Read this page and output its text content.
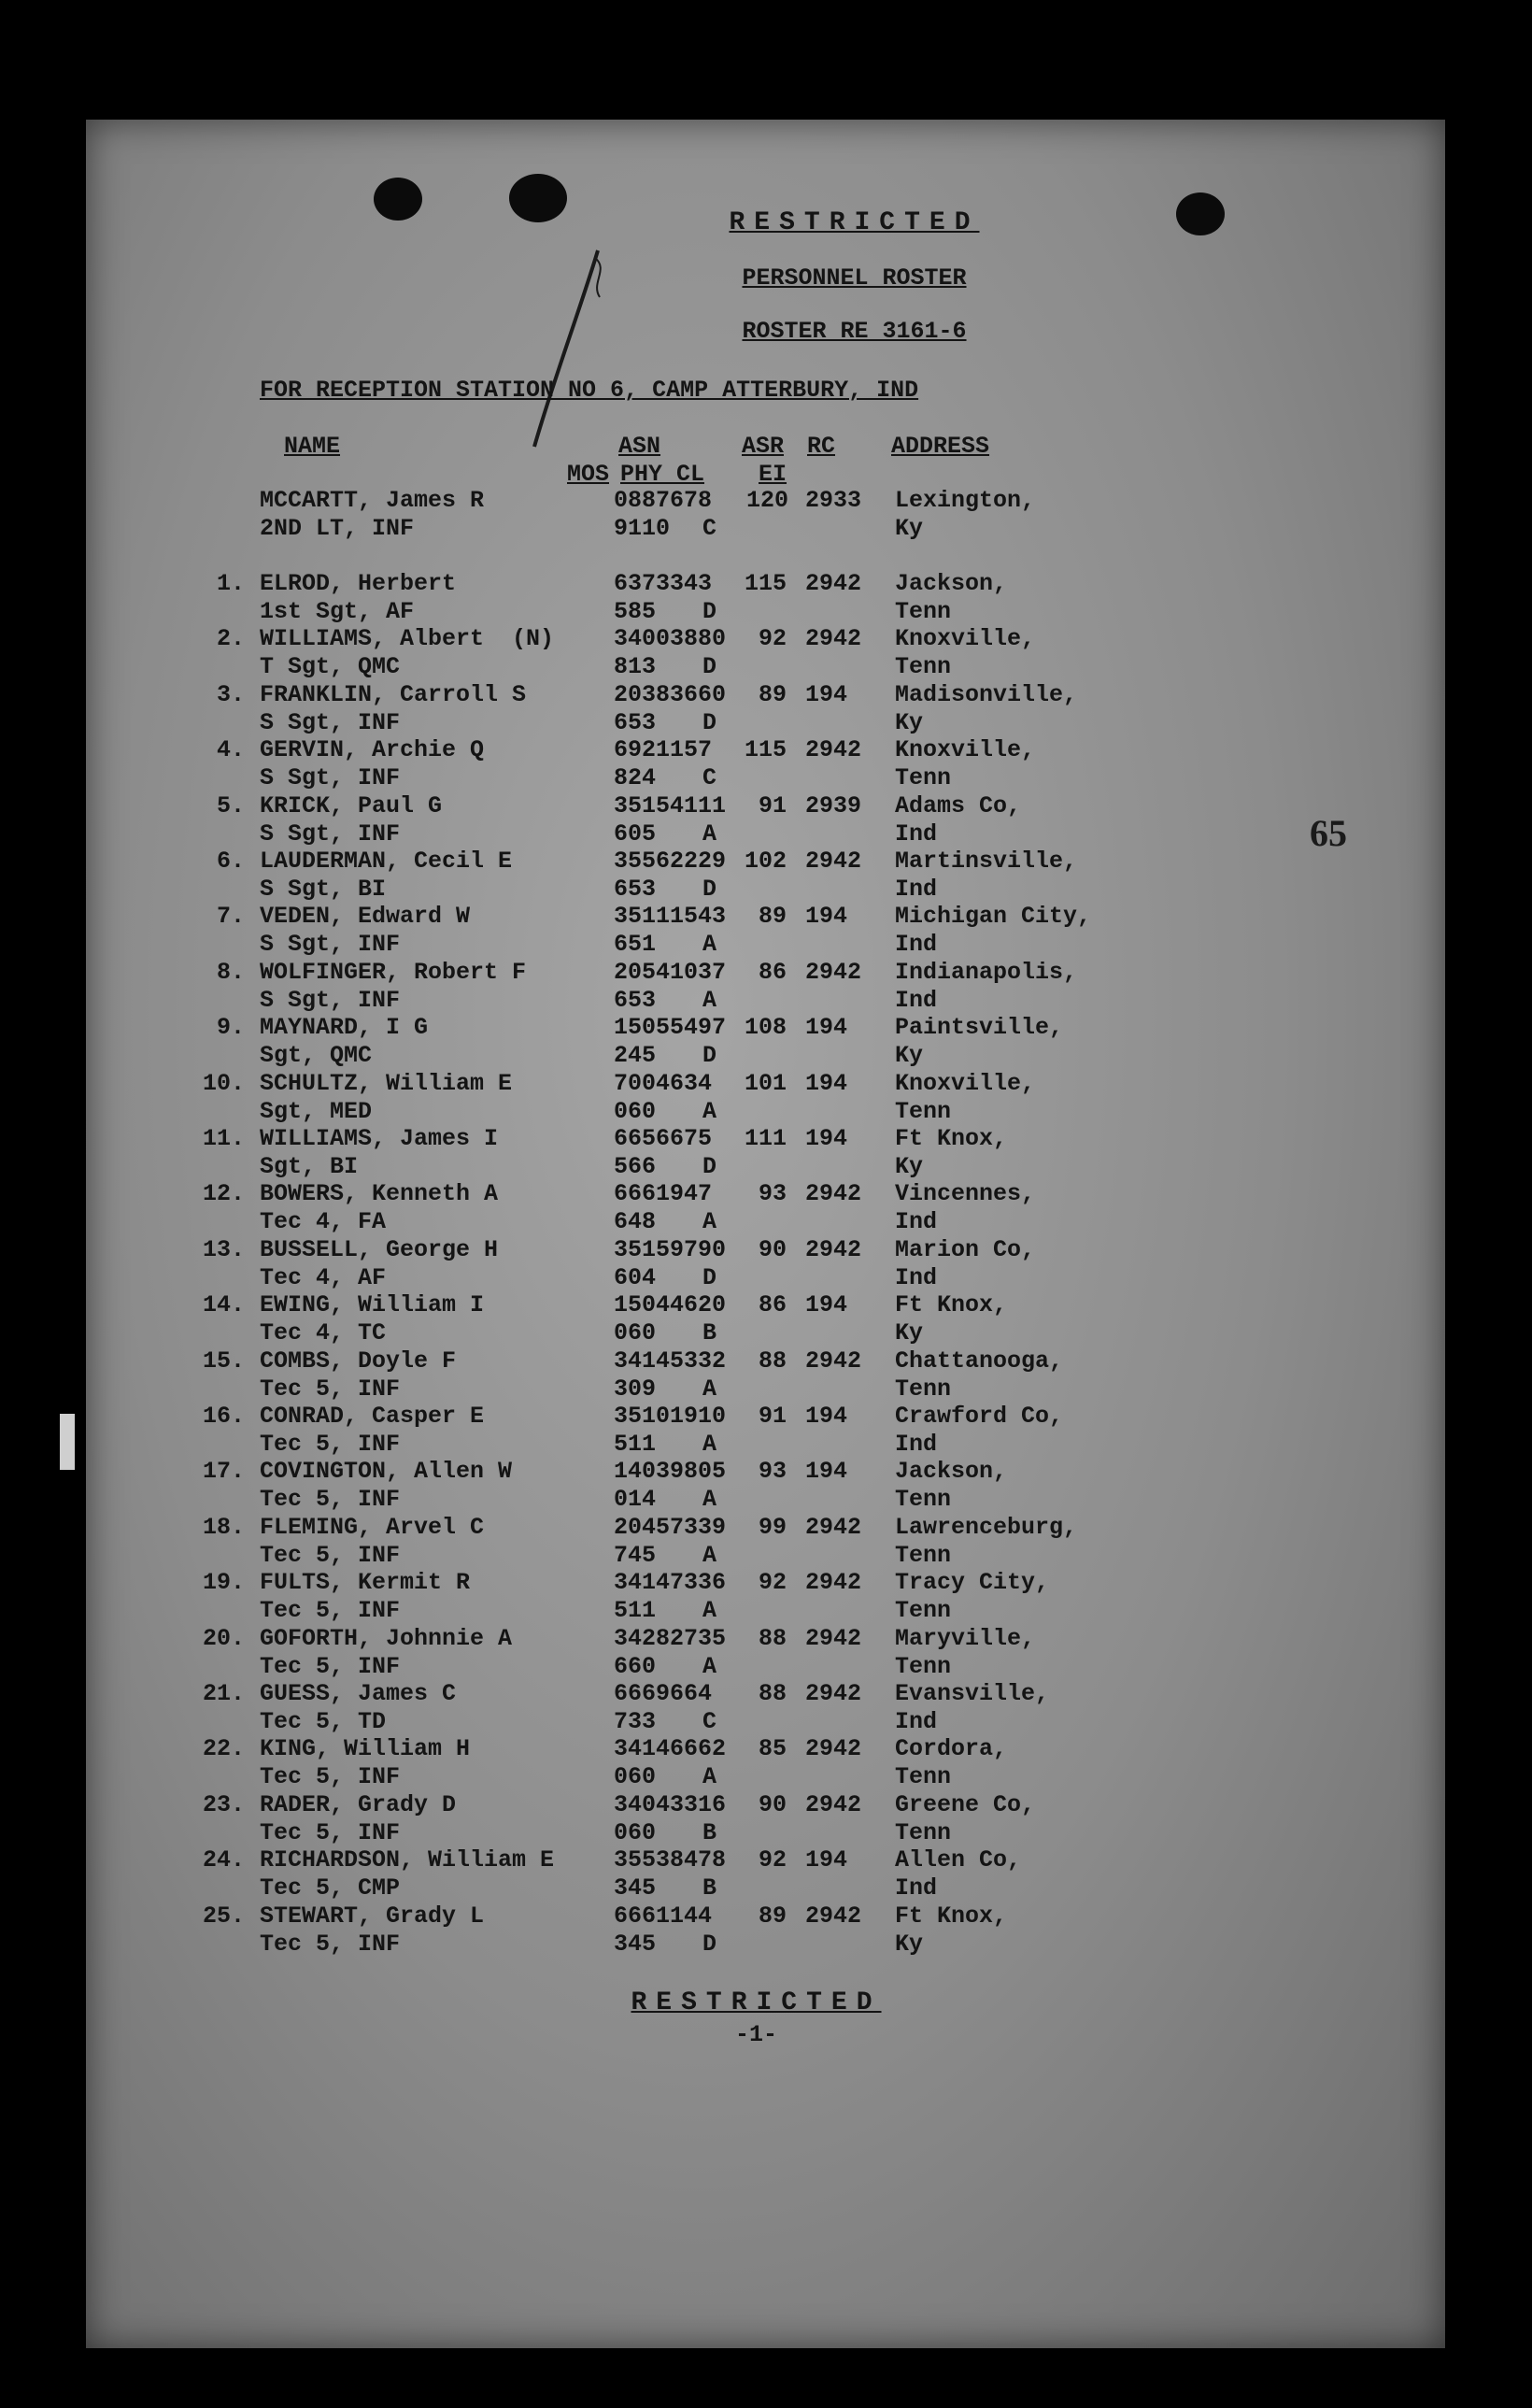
RESTRICTED
PERSONNEL ROSTER
ROSTER RE 3161-6
FOR RECEPTION STATION NO 6, CAMP ATTERBURY, IND
NAME	ASN	ASR RC ADDRESS
MOS PHY CL EI
MCCARTT, James R
2ND LT, INF
0887678
9110 C
120 2933 Lexington,
Ky
1. ELROD, Herbert
1st Sgt, AF
6373343
585 D
115 2942 Jackson,
Tenn
2. WILLIAMS, Albert  (N)
T Sgt, QMC
34003880
813 D
92 2942 Knoxville,
Tenn
3. FRANKLIN, Carroll S
S Sgt, INF
20383660
653 D
89 194 Madisonville,
Ky
4. GERVIN, Archie Q
S Sgt, INF
6921157
824 C
115 2942 Knoxville,
Tenn
5. KRICK, Paul G
S Sgt, INF
35154111
605 A
91 2939 Adams Co,
Ind
6. LAUDERMAN, Cecil E
S Sgt, BI
35562229
653 D
102 2942 Martinsville,
Ind
7. VEDEN, Edward W
S Sgt, INF
35111543
651 A
89 194 Michigan City,
Ind
8. WOLFINGER, Robert F
S Sgt, INF
20541037
653 A
86 2942 Indianapolis,
Ind
9. MAYNARD, I G
Sgt, QMC
15055497
245 D
108 194 Paintsville,
Ky
10. SCHULTZ, William E
Sgt, MED
7004634
060 A
101 194 Knoxville,
Tenn
11. WILLIAMS, James I
Sgt, BI
6656675
566 D
111 194 Ft Knox,
Ky
12. BOWERS, Kenneth A
Tec 4, FA
6661947
648 A
93 2942 Vincennes,
Ind
13. BUSSELL, George H
Tec 4, AF
35159790
604 D
90 2942 Marion Co,
Ind
14. EWING, William I
Tec 4, TC
15044620
060 B
86 194 Ft Knox,
Ky
15. COMBS, Doyle F
Tec 5, INF
34145332
309 A
88 2942 Chattanooga,
Tenn
16. CONRAD, Casper E
Tec 5, INF
35101910
511 A
91 194 Crawford Co,
Ind
17. COVINGTON, Allen W
Tec 5, INF
14039805
014 A
93 194 Jackson,
Tenn
18. FLEMING, Arvel C
Tec 5, INF
20457339
745 A
99 2942 Lawrenceburg,
Tenn
19. FULTS, Kermit R
Tec 5, INF
34147336
511 A
92 2942 Tracy City,
Tenn
20. GOFORTH, Johnnie A
Tec 5, INF
34282735
660 A
88 2942 Maryville,
Tenn
21. GUESS, James C
Tec 5, TD
6669664
733 C
88 2942 Evansville,
Ind
22. KING, William H
Tec 5, INF
34146662
060 A
85 2942 Cordora,
Tenn
23. RADER, Grady D
Tec 5, INF
34043316
060 B
90 2942 Greene Co,
Tenn
24. RICHARDSON, William E
Tec 5, CMP
35538478
345 B
92 194 Allen Co,
Ind
25. STEWART, Grady L
Tec 5, INF
6661144
345 D
89 2942 Ft Knox,
Ky
65
RESTRICTED
-1-
